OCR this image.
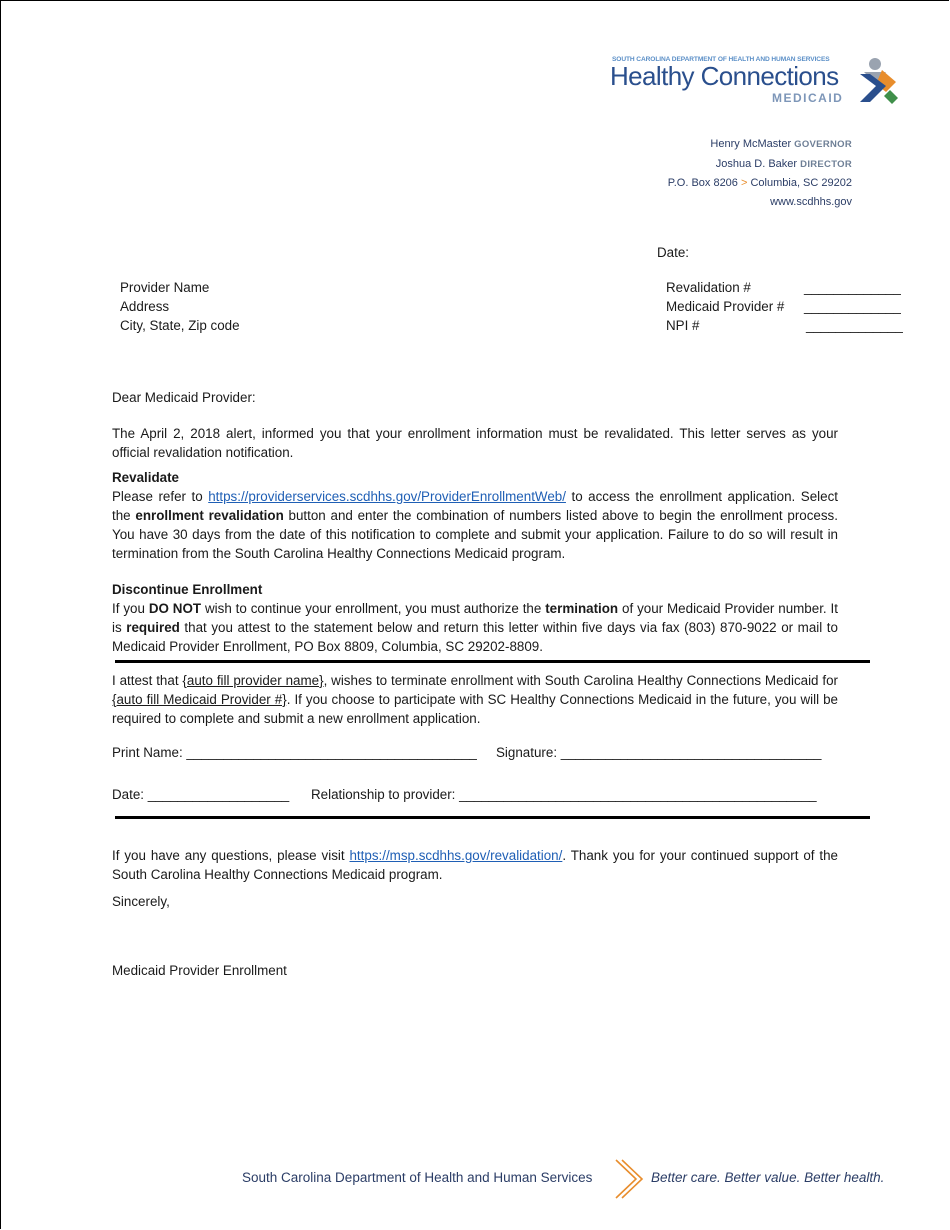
SOUTH CAROLINA DEPARTMENT OF HEALTH AND HUMAN SERVICES
Healthy Connections
MEDICAID
Henry McMaster GOVERNOR
Joshua D. Baker DIRECTOR
P.O. Box 8206 > Columbia, SC 29202
www.scdhhs.gov
Date:
Provider Name
Address
City, State, Zip code
Revalidation #	_____________
Medicaid Provider # _____________
NPI #	_____________
Dear Medicaid Provider:

The April 2, 2018 alert, informed you that your enrollment information must be revalidated. This letter serves as your official revalidation notification.

Revalidate

Please refer to https://providerservices.scdhhs.gov/ProviderEnrollmentWeb/ to access the enrollment application. Select the enrollment revalidation button and enter the combination of numbers listed above to begin the enrollment process. You have 30 days from the date of this notification to complete and submit your application. Failure to do so will result in termination from the South Carolina Healthy Connections Medicaid program.

Discontinue Enrollment

If you DO NOT wish to continue your enrollment, you must authorize the termination of your Medicaid Provider number. It is required that you attest to the statement below and return this letter within five days via fax (803) 870-9022 or mail to Medicaid Provider Enrollment, PO Box 8809, Columbia, SC 29202-8809.

I attest that {auto fill provider name}, wishes to terminate enrollment with South Carolina Healthy Connections Medicaid for {auto fill Medicaid Provider #}. If you choose to participate with SC Healthy Connections Medicaid in the future, you will be required to complete and submit a new enrollment application.

Print Name: _______________________________________ Signature: ___________________________________
Date: ___________________ Relationship to provider: ________________________________________________

If you have any questions, please visit https://msp.scdhhs.gov/revalidation/. Thank you for your continued support of the South Carolina Healthy Connections Medicaid program.

Sincerely,
Medicaid Provider Enrollment
South Carolina Department of Health and Human Services	Better care. Better value. Better health.
